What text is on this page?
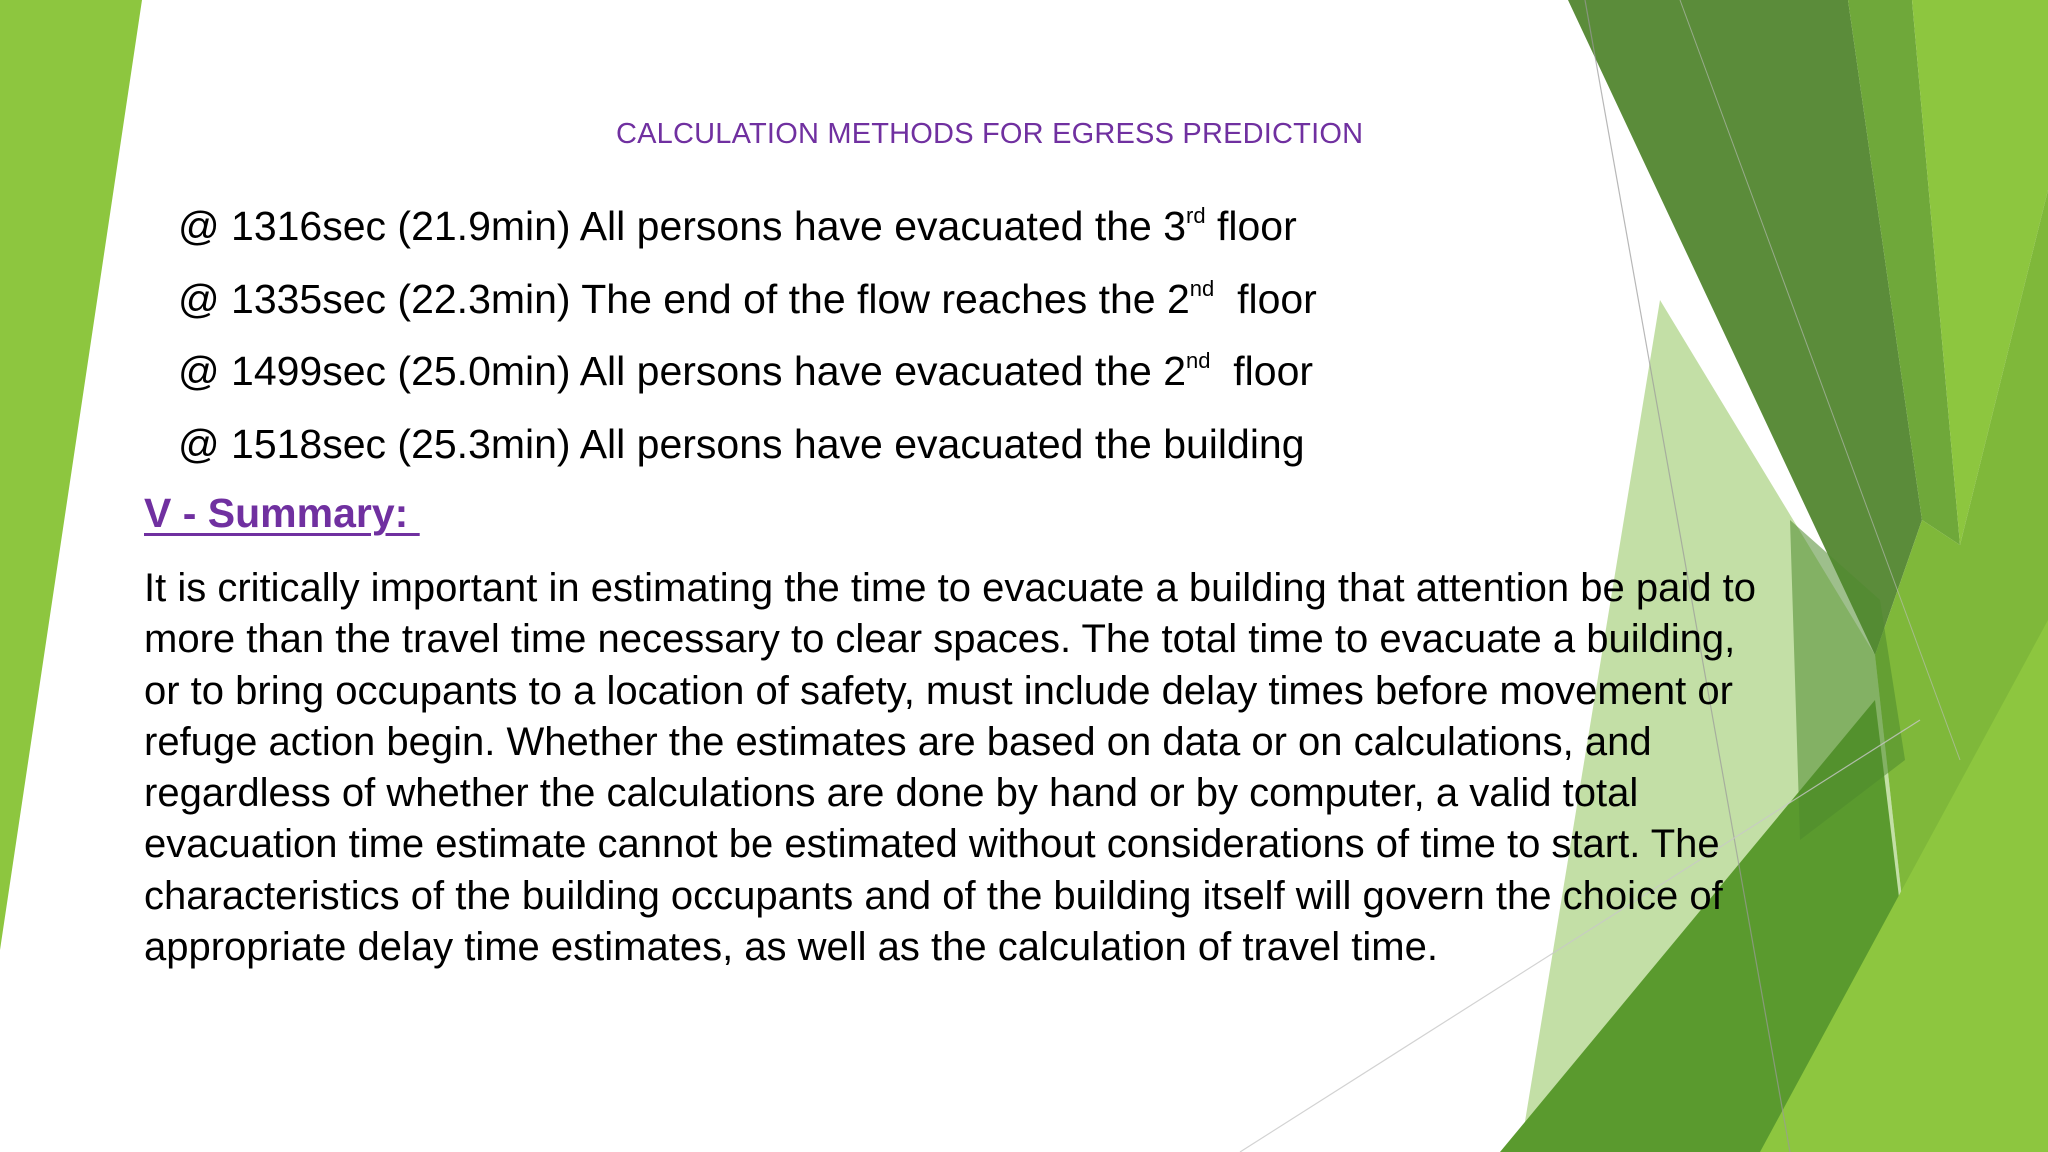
CALCULATION METHODS FOR EGRESS PREDICTION
@ 1316sec (21.9min) All persons have evacuated the 3rd floor
@ 1335sec (22.3min) The end of the flow reaches the 2nd  floor
@ 1499sec (25.0min) All persons have evacuated the 2nd  floor
@ 1518sec (25.3min) All persons have evacuated the building
V - Summary:
It is critically important in estimating the time to evacuate a building that attention be paid to
more than the travel time necessary to clear spaces. The total time to evacuate a building,
or to bring occupants to a location of safety, must include delay times before movement or
refuge action begin. Whether the estimates are based on data or on calculations, and
regardless of whether the calculations are done by hand or by computer, a valid total
evacuation time estimate cannot be estimated without considerations of time to start. The
characteristics of the building occupants and of the building itself will govern the choice of
appropriate delay time estimates, as well as the calculation of travel time.
